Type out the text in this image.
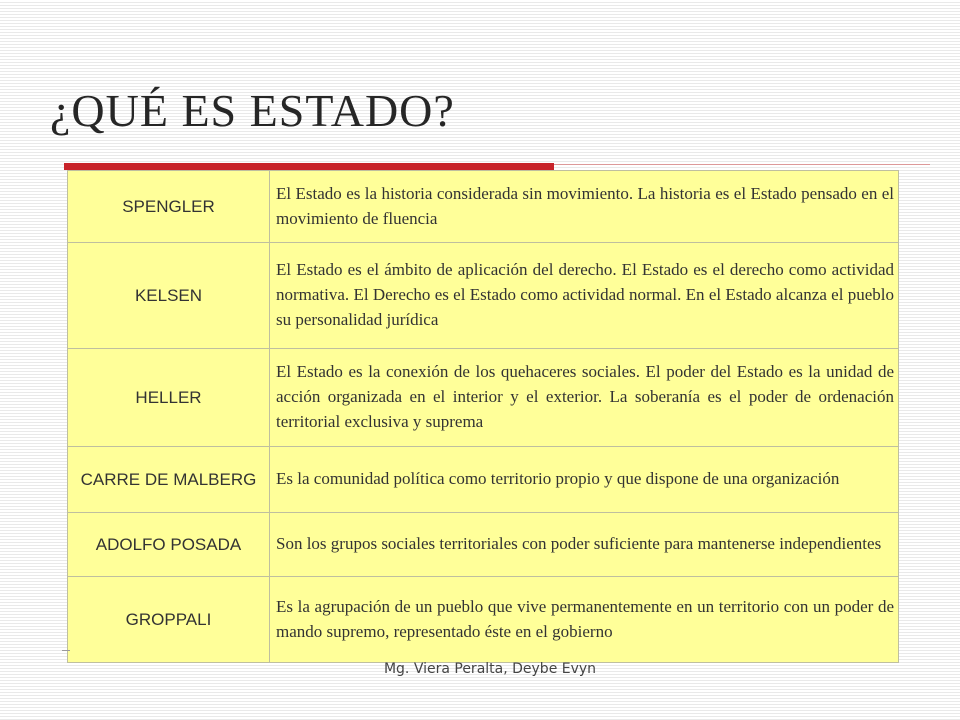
¿QUÉ ES ESTADO?
SPENGLER	El Estado es la historia considerada sin movimiento. La historia es el Estado pensado en el movimiento de fluencia
KELSEN	El Estado es el ámbito de aplicación del derecho. El Estado es el derecho como actividad normativa. El Derecho es el Estado como actividad normal. En el Estado alcanza el pueblo su personalidad jurídica
HELLER	El Estado es la conexión de los quehaceres sociales. El poder del Estado es la unidad de acción organizada en el interior y el exterior. La soberanía es el poder de ordenación territorial exclusiva y suprema
CARRE DE MALBERG	Es la comunidad política como territorio propio y que dispone de una organización
ADOLFO POSADA	Son los grupos sociales territoriales con poder suficiente para mantenerse independientes
GROPPALI	Es la agrupación de un pueblo que vive permanentemente en un territorio con un poder de mando supremo, representado éste en el gobierno
Mg. Viera Peralta, Deybe Evyn
